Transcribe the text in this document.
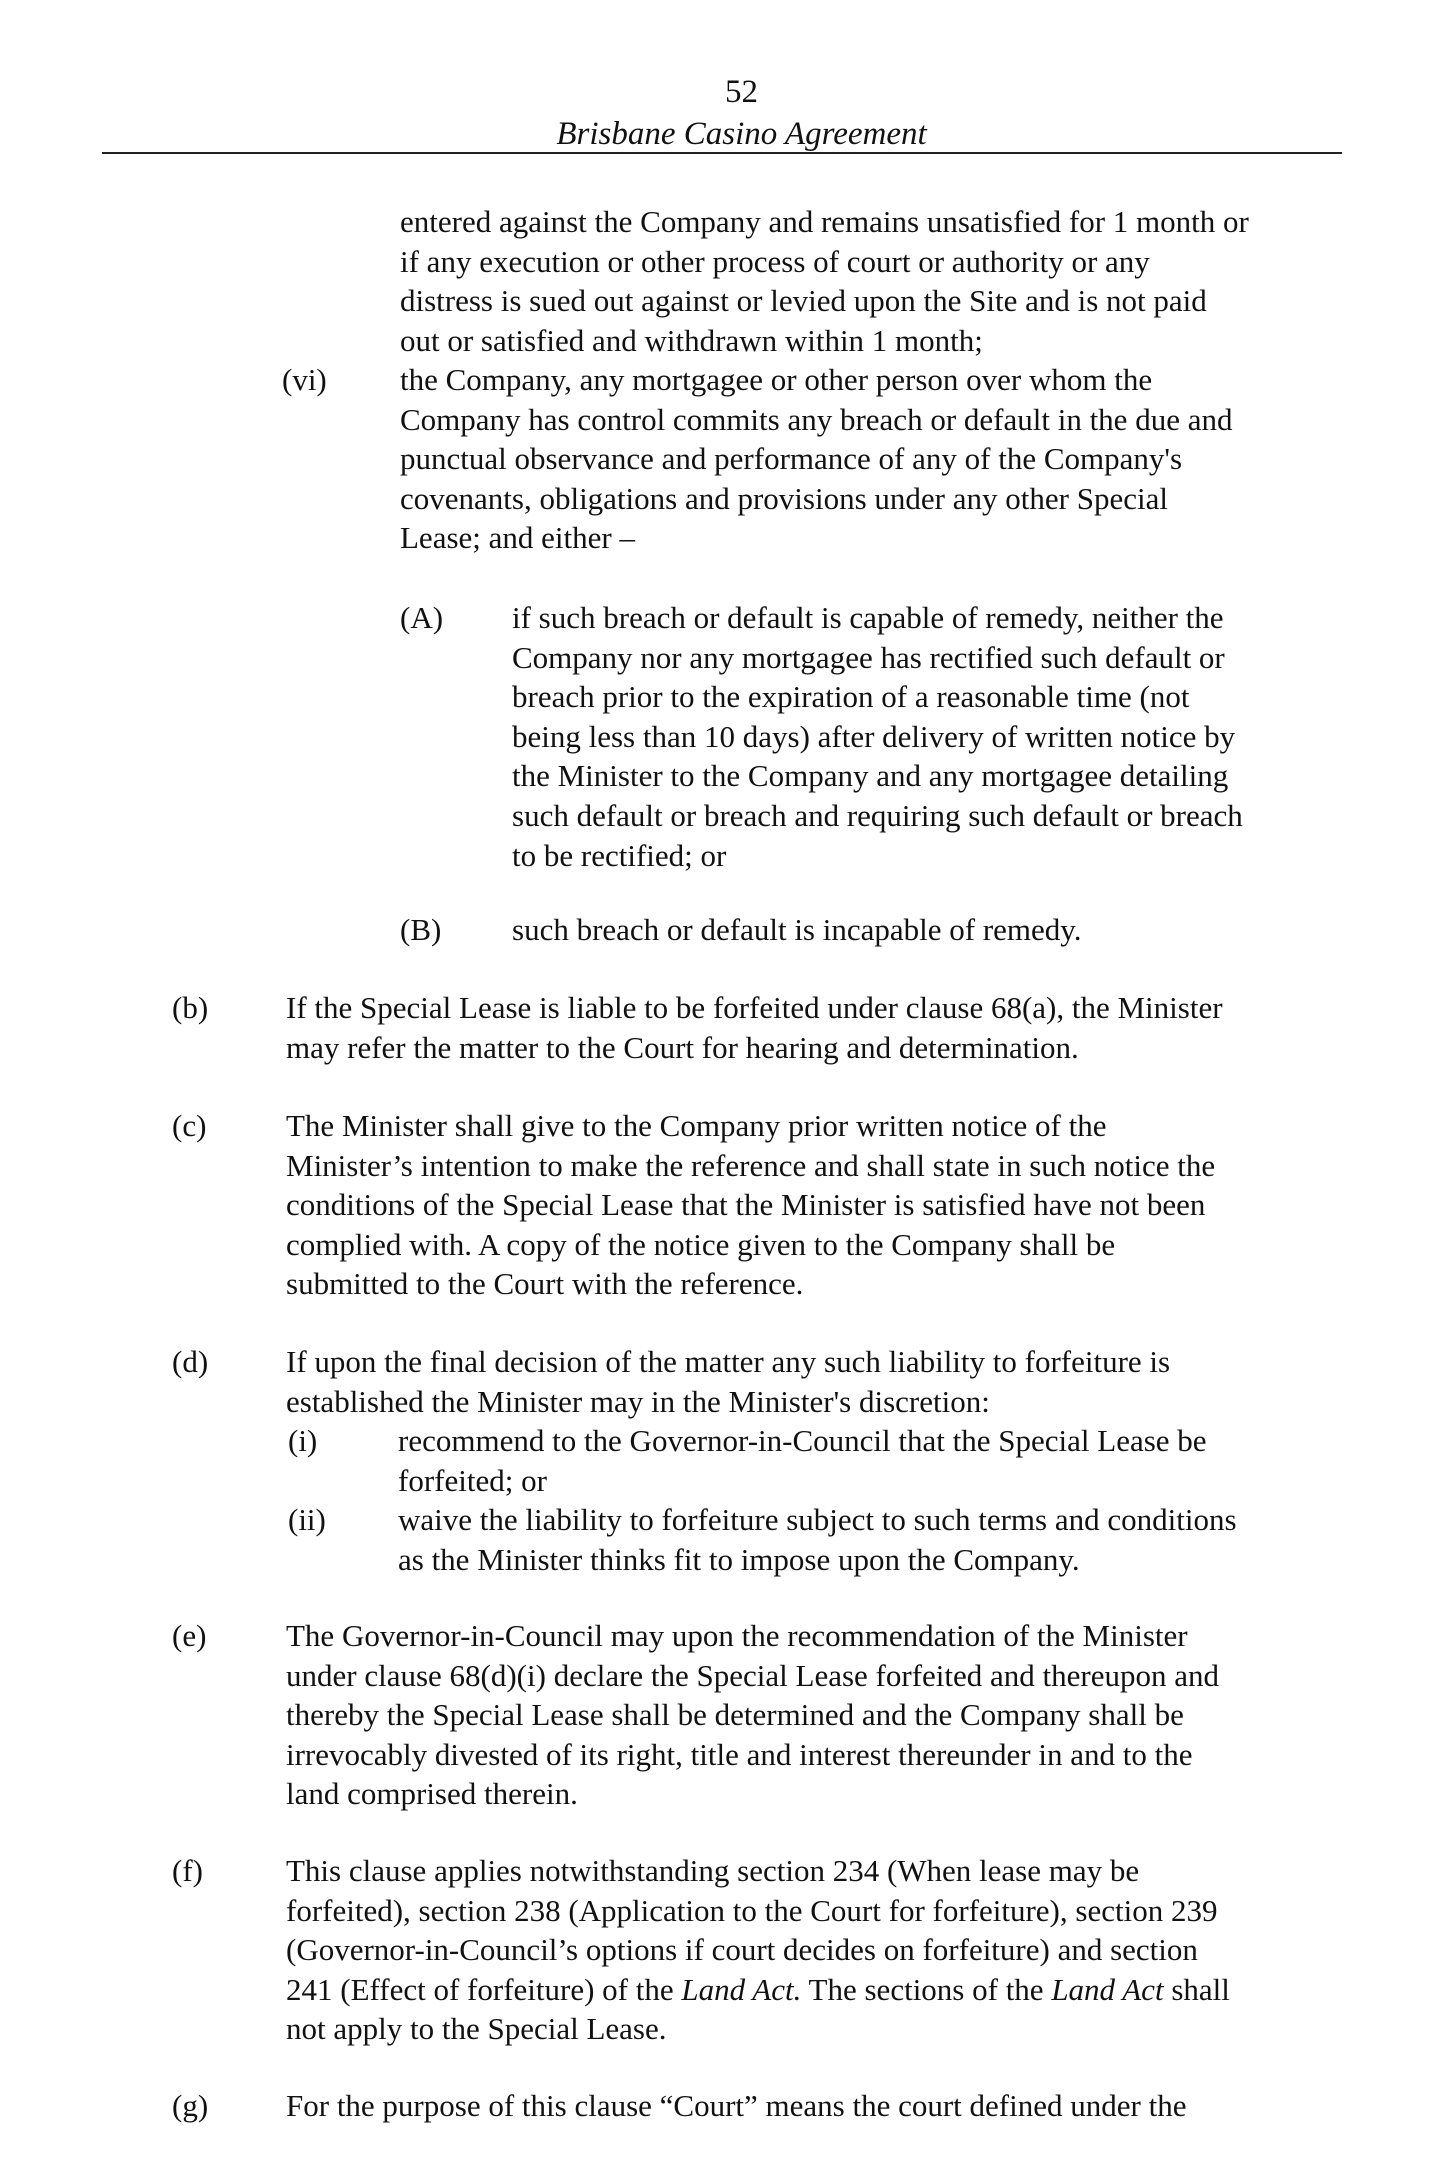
52
Brisbane Casino Agreement

entered against the Company and remains unsatisfied for 1 month or

if any execution or other process of court or authority or any

distress is sued out against or levied upon the Site and is not paid

out or satisfied and withdrawn within 1 month;

(vi) the Company, any mortgagee or other person over whom the

Company has control commits any breach or default in the due and

punctual observance and performance of any of the Company's

covenants, obligations and provisions under any other Special

Lease; and either –

(A) if such breach or default is capable of remedy, neither the

Company nor any mortgagee has rectified such default or

breach prior to the expiration of a reasonable time (not

being less than 10 days) after delivery of written notice by

the Minister to the Company and any mortgagee detailing

such default or breach and requiring such default or breach

to be rectified; or

(B) such breach or default is incapable of remedy.

(b)	If the Special Lease is liable to be forfeited under clause 68(a), the Minister

may refer the matter to the Court for hearing and determination.

(c)	The Minister shall give to the Company prior written notice of the

Minister’s intention to make the reference and shall state in such notice the

conditions of the Special Lease that the Minister is satisfied have not been

complied with. A copy of the notice given to the Company shall be

submitted to the Court with the reference.

(d)	If upon the final decision of the matter any such liability to forfeiture is

established the Minister may in the Minister's discretion:

(i)	recommend to the Governor-in-Council that the Special Lease be

forfeited; or

(ii) waive the liability to forfeiture subject to such terms and conditions

as the Minister thinks fit to impose upon the Company.

(e)	The Governor-in-Council may upon the recommendation of the Minister

under clause 68(d)(i) declare the Special Lease forfeited and thereupon and

thereby the Special Lease shall be determined and the Company shall be

irrevocably divested of its right, title and interest thereunder in and to the

land comprised therein.

(f)	This clause applies notwithstanding section 234 (When lease may be

forfeited), section 238 (Application to the Court for forfeiture), section 239

(Governor-in-Council’s options if court decides on forfeiture) and section

241 (Effect of forfeiture) of the Land Act. The sections of the Land Act shall

not apply to the Special Lease.

(g)	For the purpose of this clause “Court” means the court defined under the
